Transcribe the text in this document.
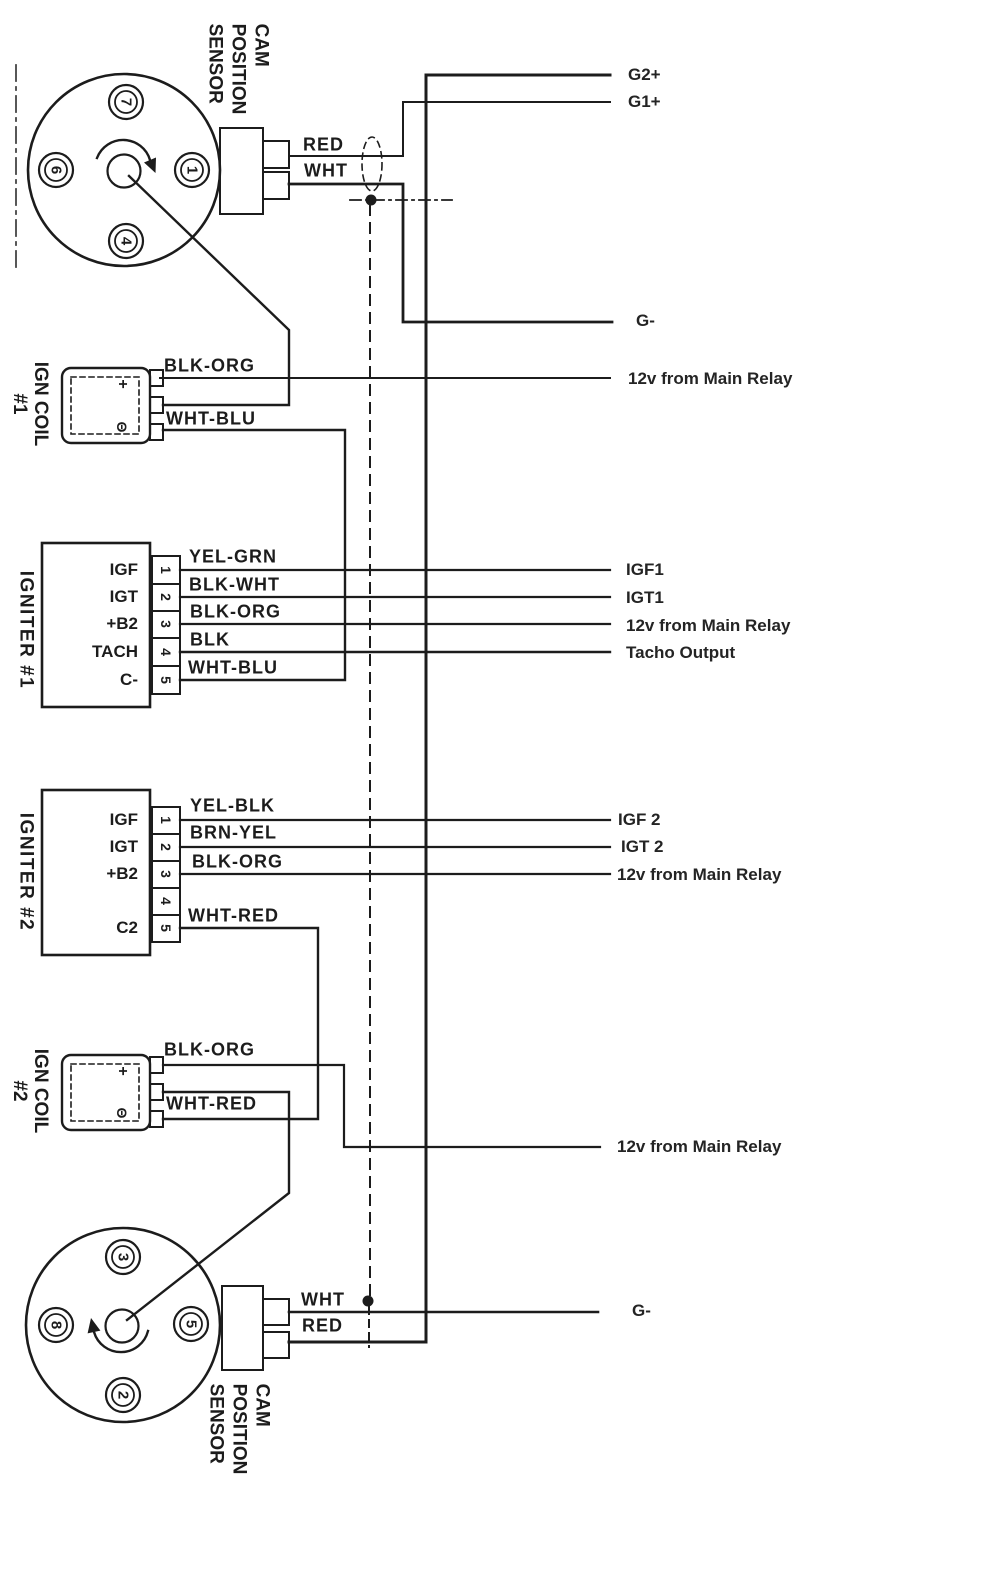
CAM
POSITION
SENSOR
CAM
POSITION
SENSOR
IGN COIL
#1
IGN COIL
#2
IGNITER #1
IGNITER #2
7
6	1
4
3
8	5
2
+
Θ
+
Θ
IGF
IGT
+B2
TACH
C-
IGF
IGT
+B2
C2
1
2
3
4
5
1
2
3
4
5
RED
WHT
BLK-ORG
WHT-BLU
YEL-GRN
BLK-WHT
BLK-ORG
BLK
WHT-BLU
YEL-BLK
BRN-YEL
BLK-ORG
WHT-RED
BLK-ORG
WHT-RED
WHT
RED
G2+
G1+
G-
12v from Main Relay
IGF1
IGT1
12v from Main Relay
Tacho Output
IGF 2
IGT 2
12v from Main Relay
12v from Main Relay
G-
